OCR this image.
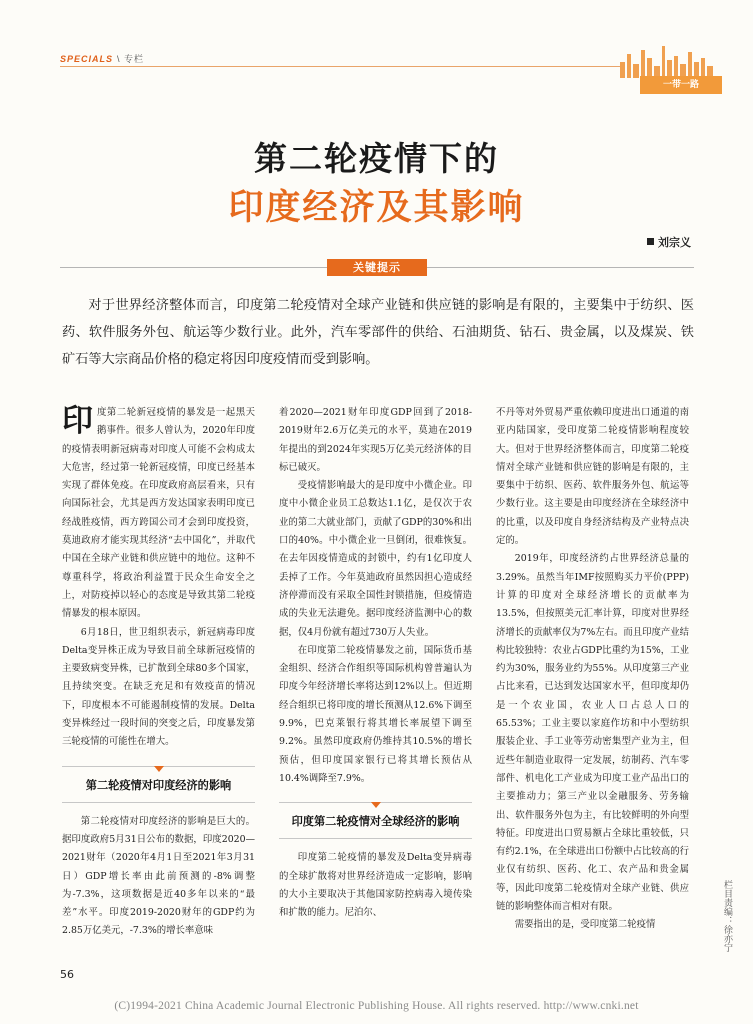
SPECIALS \ 专栏
一带一路
第二轮疫情下的
印度经济及其影响
刘宗义
关键提示
对于世界经济整体而言，印度第二轮疫情对全球产业链和供应链的影响是有限的，主要集中于纺织、医药、软件服务外包、航运等少数行业。此外，汽车零部件的供给、石油期货、钻石、贵金属，以及煤炭、铁矿石等大宗商品价格的稳定将因印度疫情而受到影响。

印度第二轮新冠疫情的暴发是一起黑天鹅事件。很多人曾认为，2020年印度的疫情表明新冠病毒对印度人可能不会构成太大危害，经过第一轮新冠疫情，印度已经基本实现了群体免疫。在印度政府高层看来，只有向国际社会，尤其是西方发达国家表明印度已经战胜疫情，西方跨国公司才会到印度投资，莫迪政府才能实现其经济“去中国化”，并取代中国在全球产业链和供应链中的地位。这种不尊重科学，将政治利益置于民众生命安全之上，对防疫掉以轻心的态度是导致其第二轮疫情暴发的根本原因。

6月18日，世卫组织表示，新冠病毒印度Delta变异株正成为导致目前全球新冠疫情的主要致病变异株，已扩散到全球80多个国家，且持续突变。在缺乏充足和有效疫苗的情况下，印度根本不可能遏制疫情的发展。Delta变异株经过一段时间的突变之后，印度暴发第三轮疫情的可能性在增大。

第二轮疫情对印度经济的影响

第二轮疫情对印度经济的影响是巨大的。据印度政府5月31日公布的数据，印度2020—2021财年（2020年4月1日至2021年3月31日）GDP增长率由此前预测的-8%调整为-7.3%，这项数据是近40多年以来的“最差”水平。印度2019-2020财年的GDP约为2.85万亿美元，-7.3%的增长率意味

着2020—2021财年印度GDP回到了2018-2019财年2.6万亿美元的水平，莫迪在2019年提出的到2024年实现5万亿美元经济体的目标已破灭。

受疫情影响最大的是印度中小微企业。印度中小微企业员工总数达1.1亿，是仅次于农业的第二大就业部门，贡献了GDP的30%和出口的40%。中小微企业一旦倒闭，很难恢复。在去年因疫情造成的封锁中，约有1亿印度人丢掉了工作。今年莫迪政府虽然因担心造成经济停滞而没有采取全国性封锁措施，但疫情造成的失业无法避免。据印度经济监测中心的数据，仅4月份就有超过730万人失业。

在印度第二轮疫情暴发之前，国际货币基金组织、经济合作组织等国际机构曾普遍认为印度今年经济增长率将达到12%以上。但近期经合组织已将印度的增长预测从12.6%下调至9.9%，巴克莱银行将其增长率展望下调至9.2%。虽然印度政府仍维持其10.5%的增长预估，但印度国家银行已将其增长预估从10.4%调降至7.9%。

印度第二轮疫情对全球经济的影响

印度第二轮疫情的暴发及Delta变异病毒的全球扩散将对世界经济造成一定影响，影响的大小主要取决于其他国家防控病毒入境传染和扩散的能力。尼泊尔、

不丹等对外贸易严重依赖印度进出口通道的南亚内陆国家，受印度第二轮疫情影响程度较大。但对于世界经济整体而言，印度第二轮疫情对全球产业链和供应链的影响是有限的，主要集中于纺织、医药、软件服务外包、航运等少数行业。这主要是由印度经济在全球经济中的比重，以及印度自身经济结构及产业特点决定的。

2019年，印度经济约占世界经济总量的3.29%。虽然当年IMF按照购买力平价(PPP)计算的印度对全球经济增长的贡献率为13.5%，但按照美元汇率计算，印度对世界经济增长的贡献率仅为7%左右。而且印度产业结构比较独特：农业占GDP比重约为15%，工业约为30%，服务业约为55%。从印度第三产业占比来看，已达到发达国家水平，但印度却仍是一个农业国，农业人口占总人口的65.53%；工业主要以家庭作坊和中小型纺织服装企业、手工业等劳动密集型产业为主，但近些年制造业取得一定发展，纺制药、汽车零部件、机电化工产业成为印度工业产品出口的主要推动力；第三产业以金融服务、劳务输出、软件服务外包为主，有比较鲜明的外向型特征。印度进出口贸易额占全球比重较低，只有约2.1%，在全球进出口份额中占比较高的行业仅有纺织、医药、化工、农产品和贵金属等，因此印度第二轮疫情对全球产业链、供应链的影响整体而言相对有限。

需要指出的是，受印度第二轮疫情

56
栏目责编：徐亦宁
(C)1994-2021 China Academic Journal Electronic Publishing House. All rights reserved. http://www.cnki.net
